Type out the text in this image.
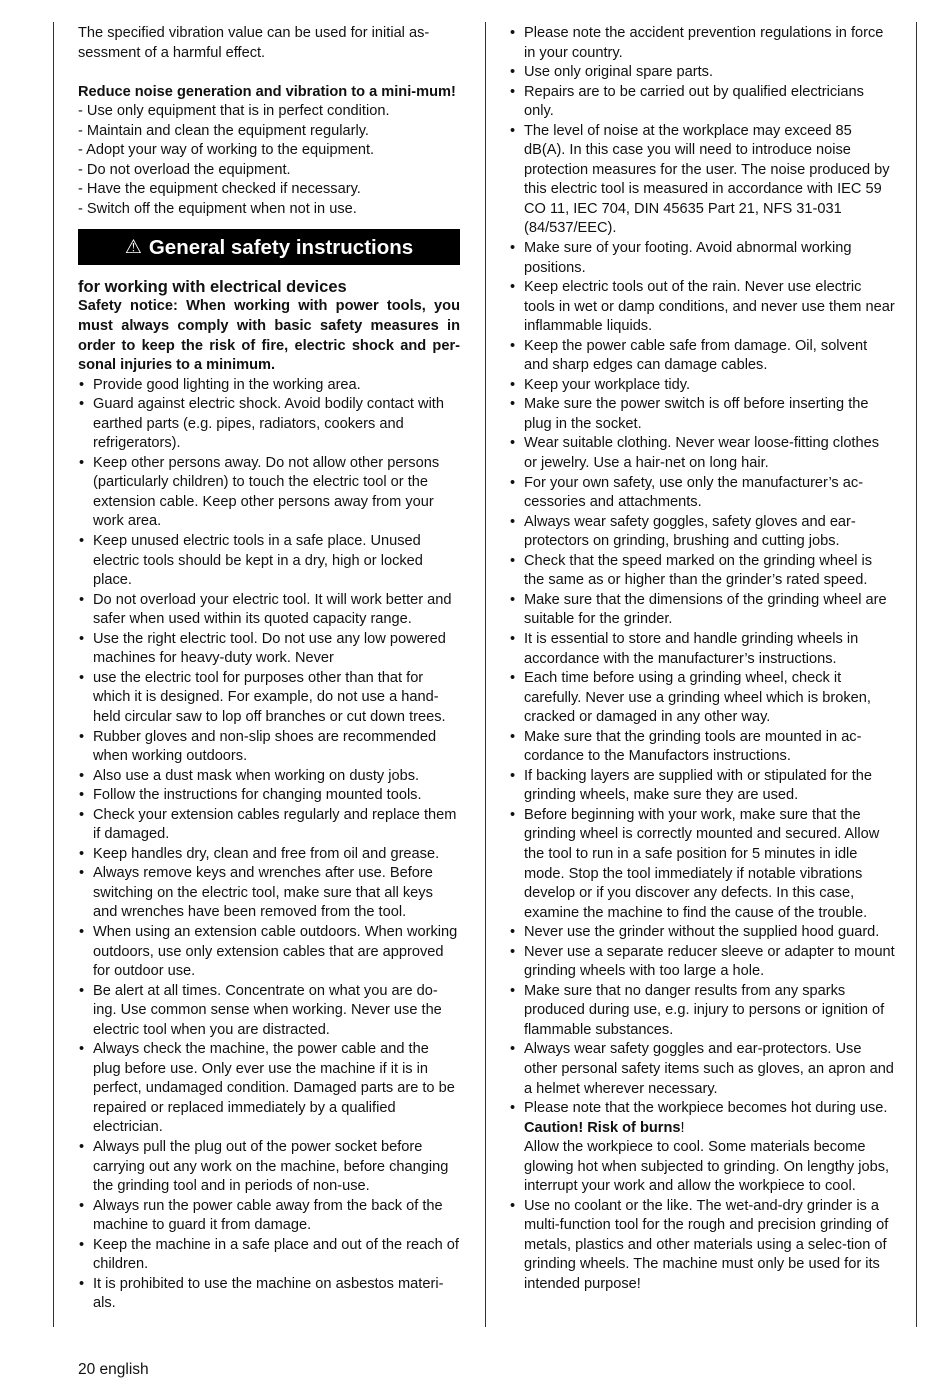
The specified vibration value can be used for initial as-sessment of a harmful effect.

Reduce noise generation and vibration to a mini-mum!

- Use only equipment that is in perfect condition.

- Maintain and clean the equipment regularly.

- Adopt your way of working to the equipment.

- Do not overload the equipment.

- Have the equipment checked if necessary.

- Switch off the equipment when not in use.

⚠ General safety instructions

for working with electrical devices

Safety notice: When working with power tools, you must always comply with basic safety measures in order to keep the risk of fire, electric shock and per-sonal injuries to a minimum.

• Provide good lighting in the working area.
• Guard against electric shock. Avoid bodily contact with earthed parts (e.g. pipes, radiators, cookers and refrigerators).
• Keep other persons away. Do not allow other persons (particularly children) to touch the electric tool or the extension cable. Keep other persons away from your work area.
• Keep unused electric tools in a safe place. Unused electric tools should be kept in a dry, high or locked place.
• Do not overload your electric tool. It will work better and safer when used within its quoted capacity range.
• Use the right electric tool. Do not use any low powered machines for heavy-duty work. Never
• use the electric tool for purposes other than that for which it is designed. For example, do not use a hand-held circular saw to lop off branches or cut down trees.
• Rubber gloves and non-slip shoes are recommended when working outdoors.
• Also use a dust mask when working on dusty jobs.
• Follow the instructions for changing mounted tools.
• Check your extension cables regularly and replace them if damaged.
• Keep handles dry, clean and free from oil and grease.
• Always remove keys and wrenches after use. Before switching on the electric tool, make sure that all keys and wrenches have been removed from the tool.
• When using an extension cable outdoors. When working outdoors, use only extension cables that are approved for outdoor use.
• Be alert at all times. Concentrate on what you are do-ing. Use common sense when working. Never use the electric tool when you are distracted.
• Always check the machine, the power cable and the plug before use. Only ever use the machine if it is in perfect, undamaged condition. Damaged parts are to be repaired or replaced immediately by a qualified electrician.
• Always pull the plug out of the power socket before carrying out any work on the machine, before changing the grinding tool and in periods of non-use.
• Always run the power cable away from the back of the machine to guard it from damage.
• Keep the machine in a safe place and out of the reach of children.
• It is prohibited to use the machine on asbestos materi-als.
• Please note the accident prevention regulations in force in your country.
• Use only original spare parts.
• Repairs are to be carried out by qualified electricians only.
• The level of noise at the workplace may exceed 85 dB(A). In this case you will need to introduce noise protection measures for the user. The noise produced by this electric tool is measured in accordance with IEC 59 CO 11, IEC 704, DIN 45635 Part 21, NFS 31-031 (84/537/EEC).
• Make sure of your footing. Avoid abnormal working positions.
• Keep electric tools out of the rain. Never use electric tools in wet or damp conditions, and never use them near inflammable liquids.
• Keep the power cable safe from damage. Oil, solvent and sharp edges can damage cables.
• Keep your workplace tidy.
• Make sure the power switch is off before inserting the plug in the socket.
• Wear suitable clothing. Never wear loose-fitting clothes or jewelry. Use a hair-net on long hair.
• For your own safety, use only the manufacturer’s ac-cessories and attachments.
• Always wear safety goggles, safety gloves and ear-protectors on grinding, brushing and cutting jobs.
• Check that the speed marked on the grinding wheel is the same as or higher than the grinder’s rated speed.
• Make sure that the dimensions of the grinding wheel are suitable for the grinder.
• It is essential to store and handle grinding wheels in accordance with the manufacturer’s instructions.
• Each time before using a grinding wheel, check it carefully. Never use a grinding wheel which is broken, cracked or damaged in any other way.
• Make sure that the grinding tools are mounted in ac-cordance to the Manufactors instructions.
• If backing layers are supplied with or stipulated for the grinding wheels, make sure they are used.
• Before beginning with your work, make sure that the grinding wheel is correctly mounted and secured. Allow the tool to run in a safe position for 5 minutes in idle mode. Stop the tool immediately if notable vibrations develop or if you discover any defects. In this case, examine the machine to find the cause of the trouble.
• Never use the grinder without the supplied hood guard.
• Never use a separate reducer sleeve or adapter to mount grinding wheels with too large a hole.
• Make sure that no danger results from any sparks produced during use, e.g. injury to persons or ignition of flammable substances.
• Always wear safety goggles and ear-protectors. Use other personal safety items such as gloves, an apron and a helmet wherever necessary.
• Please note that the workpiece becomes hot during use.
Caution! Risk of burns!
Allow the workpiece to cool. Some materials become glowing hot when subjected to grinding. On lengthy jobs, interrupt your work and allow the workpiece to cool.
• Use no coolant or the like. The wet-and-dry grinder is a multi-function tool for the rough and precision grinding of metals, plastics and other materials using a selec-tion of grinding wheels. The machine must only be used for its intended purpose!
20 english
